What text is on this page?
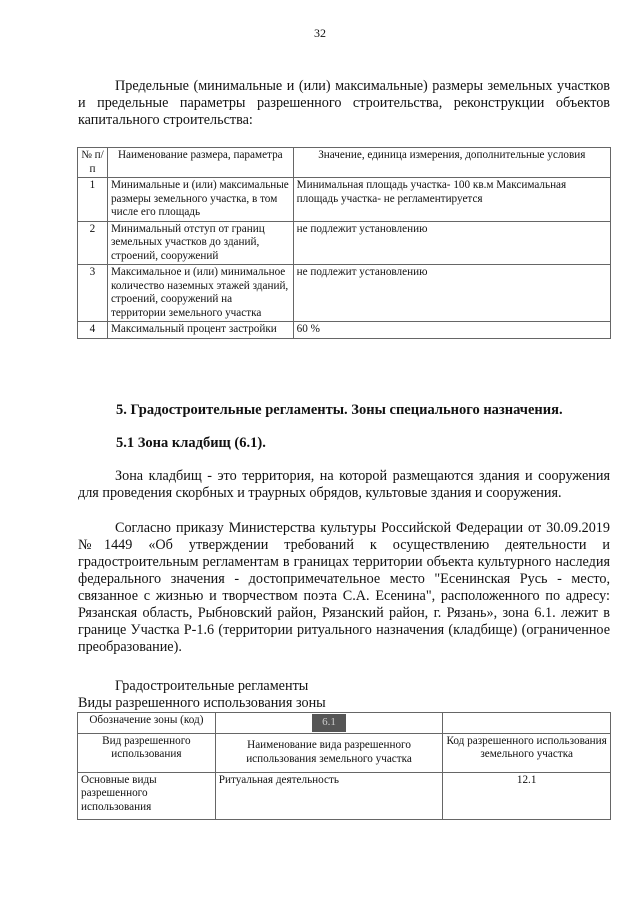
32
Предельные (минимальные и (или) максимальные) размеры земельных участков и предельные параметры разрешенного строительства, реконструкции объектов капитального строительства:
№ п/п	Наименование размера, параметра	Значение, единица измерения, дополнительные условия
1	Минимальные и (или) максимальные размеры земельного участка, в том числе его площадь	Минимальная площадь участка- 100 кв.м Максимальная площадь участка- не регламентируется
2	Минимальный отступ от границ земельных участков до зданий, строений, сооружений	не подлежит установлению
3	Максимальное и (или) минимальное количество наземных этажей зданий, строений, сооружений на территории земельного участка	не подлежит установлению
4	Максимальный процент застройки	60 %
5. Градостроительные регламенты. Зоны специального назначения.
5.1 Зона кладбищ (6.1).
Зона кладбищ - это территория, на которой размещаются здания и сооружения для проведения скорбных и траурных обрядов, культовые здания и сооружения.
Согласно приказу Министерства культуры Российской Федерации от 30.09.2019 №1449 «Об утверждении требований к осуществлению деятельности и градостроительным регламентам в границах территории объекта культурного наследия федерального значения - достопримечательное место "Есенинская Русь - место, связанное с жизнью и творчеством поэта С.А. Есенина", расположенного по адресу: Рязанская область, Рыбновский район, Рязанский район, г. Рязань», зона 6.1. лежит в границе Участка Р-1.6 (территории ритуального назначения (кладбище) (ограниченное преобразование).
Градостроительные регламенты
Виды разрешенного использования зоны
Обозначение зоны (код)	6.1	
Вид разрешенного использования	Наименование вида разрешенного использования земельного участка	Код разрешенного использования земельного участка
Основные виды разрешенного использования	Ритуальная деятельность	12.1
